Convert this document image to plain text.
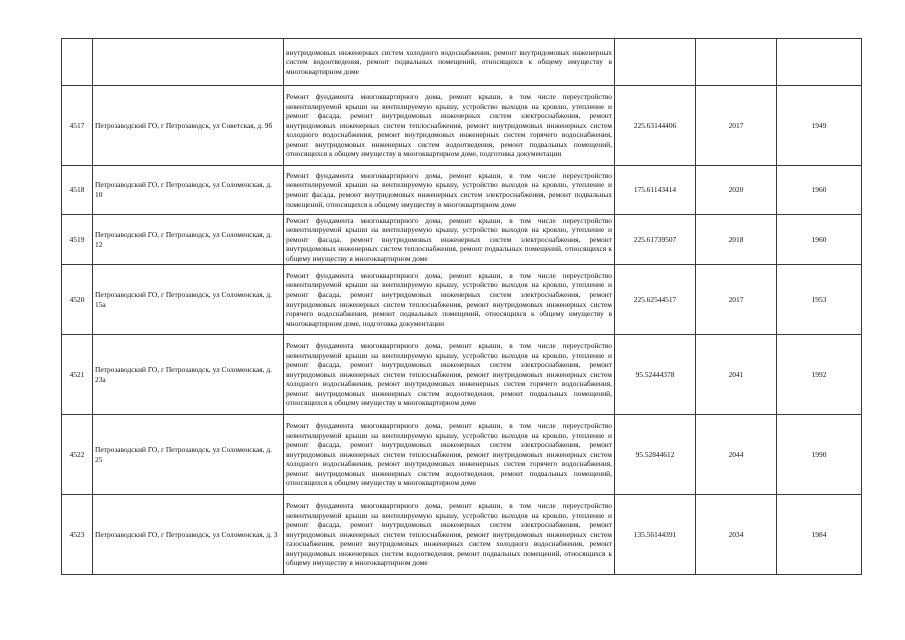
		внутридомовых инженерных систем холодного водоснабжения, ремонт внутридомовых инженерных систем водоотведения, ремонт подвальных помещений, относящихся к общему имуществу в многоквартирном доме			
4517	Петрозаводский ГО, г Петрозаводск, ул Советская, д. 9б	Ремонт фундамента многоквартирного дома, ремонт крыши, в том числе переустройство невентилируемой крыши на вентилируемую крышу, устройство выходов на кровлю, утепление и ремонт фасада, ремонт внутридомовых инженерных систем электроснабжения, ремонт внутридомовых инженерных систем теплоснабжения, ремонт внутридомовых инженерных систем холодного водоснабжения, ремонт внутридомовых инженерных систем горячего водоснабжения, ремонт внутридомовых инженерных систем водоотведения, ремонт подвальных помещений, относящихся к общему имуществу в многоквартирном доме, подготовка документации	225.63144406	2017	1949
4518	Петрозаводский ГО, г Петрозаводск, ул Соломенская, д. 10	Ремонт фундамента многоквартирного дома, ремонт крыши, в том числе переустройство невентилируемой крыши на вентилируемую крышу, устройство выходов на кровлю, утепление и ремонт фасада, ремонт внутридомовых инженерных систем электроснабжения, ремонт подвальных помещений, относящихся к общему имуществу в многоквартирном доме	175.61143414	2020	1960
4519	Петрозаводский ГО, г Петрозаводск, ул Соломенская, д. 12	Ремонт фундамента многоквартирного дома, ремонт крыши, в том числе переустройство невентилируемой крыши на вентилируемую крышу, устройство выходов на кровлю, утепление и ремонт фасада, ремонт внутридомовых инженерных систем электроснабжения, ремонт внутридомовых инженерных систем теплоснабжения, ремонт подвальных помещений, относящихся к общему имуществу в многоквартирном доме	225.61739507	2018	1960
4520	Петрозаводский ГО, г Петрозаводск, ул Соломенская, д. 15а	Ремонт фундамента многоквартирного дома, ремонт крыши, в том числе переустройство невентилируемой крыши на вентилируемую крышу, устройство выходов на кровлю, утепление и ремонт фасада, ремонт внутридомовых инженерных систем электроснабжения, ремонт внутридомовых инженерных систем теплоснабжения, ремонт внутридомовых инженерных систем горячего водоснабжения, ремонт подвальных помещений, относящихся к общему имуществу в многоквартирном доме, подготовка документации	225.62544517	2017	1953
4521	Петрозаводский ГО, г Петрозаводск, ул Соломенская, д. 23а	Ремонт фундамента многоквартирного дома, ремонт крыши, в том числе переустройство невентилируемой крыши на вентилируемую крышу, устройство выходов на кровлю, утепление и ремонт фасада, ремонт внутридомовых инженерных систем электроснабжения, ремонт внутридомовых инженерных систем теплоснабжения, ремонт внутридомовых инженерных систем холодного водоснабжения, ремонт внутридомовых инженерных систем горячего водоснабжения, ремонт внутридомовых инженерных систем водоотведения, ремонт подвальных помещений, относящихся к общему имуществу в многоквартирном доме	95.52444378	2041	1992
4522	Петрозаводский ГО, г Петрозаводск, ул Соломенская, д. 25	Ремонт фундамента многоквартирного дома, ремонт крыши, в том числе переустройство невентилируемой крыши на вентилируемую крышу, устройство выходов на кровлю, утепление и ремонт фасада, ремонт внутридомовых инженерных систем электроснабжения, ремонт внутридомовых инженерных систем теплоснабжения, ремонт внутридомовых инженерных систем холодного водоснабжения, ремонт внутридомовых инженерных систем горячего водоснабжения, ремонт внутридомовых инженерных систем водоотведения, ремонт подвальных помещений, относящихся к общему имуществу в многоквартирном доме	95.52844612	2044	1990
4523	Петрозаводский ГО, г Петрозаводск, ул Соломенская, д. 3	Ремонт фундамента многоквартирного дома, ремонт крыши, в том числе переустройство невентилируемой крыши на вентилируемую крышу, устройство выходов на кровлю, утепление и ремонт фасада, ремонт внутридомовых инженерных систем электроснабжения, ремонт внутридомовых инженерных систем теплоснабжения, ремонт внутридомовых инженерных систем газоснабжения, ремонт внутридомовых инженерных систем холодного водоснабжения, ремонт внутридомовых инженерных систем водоотведения, ремонт подвальных помещений, относящихся к общему имуществу в многоквартирном доме	135.56144391	2034	1984
